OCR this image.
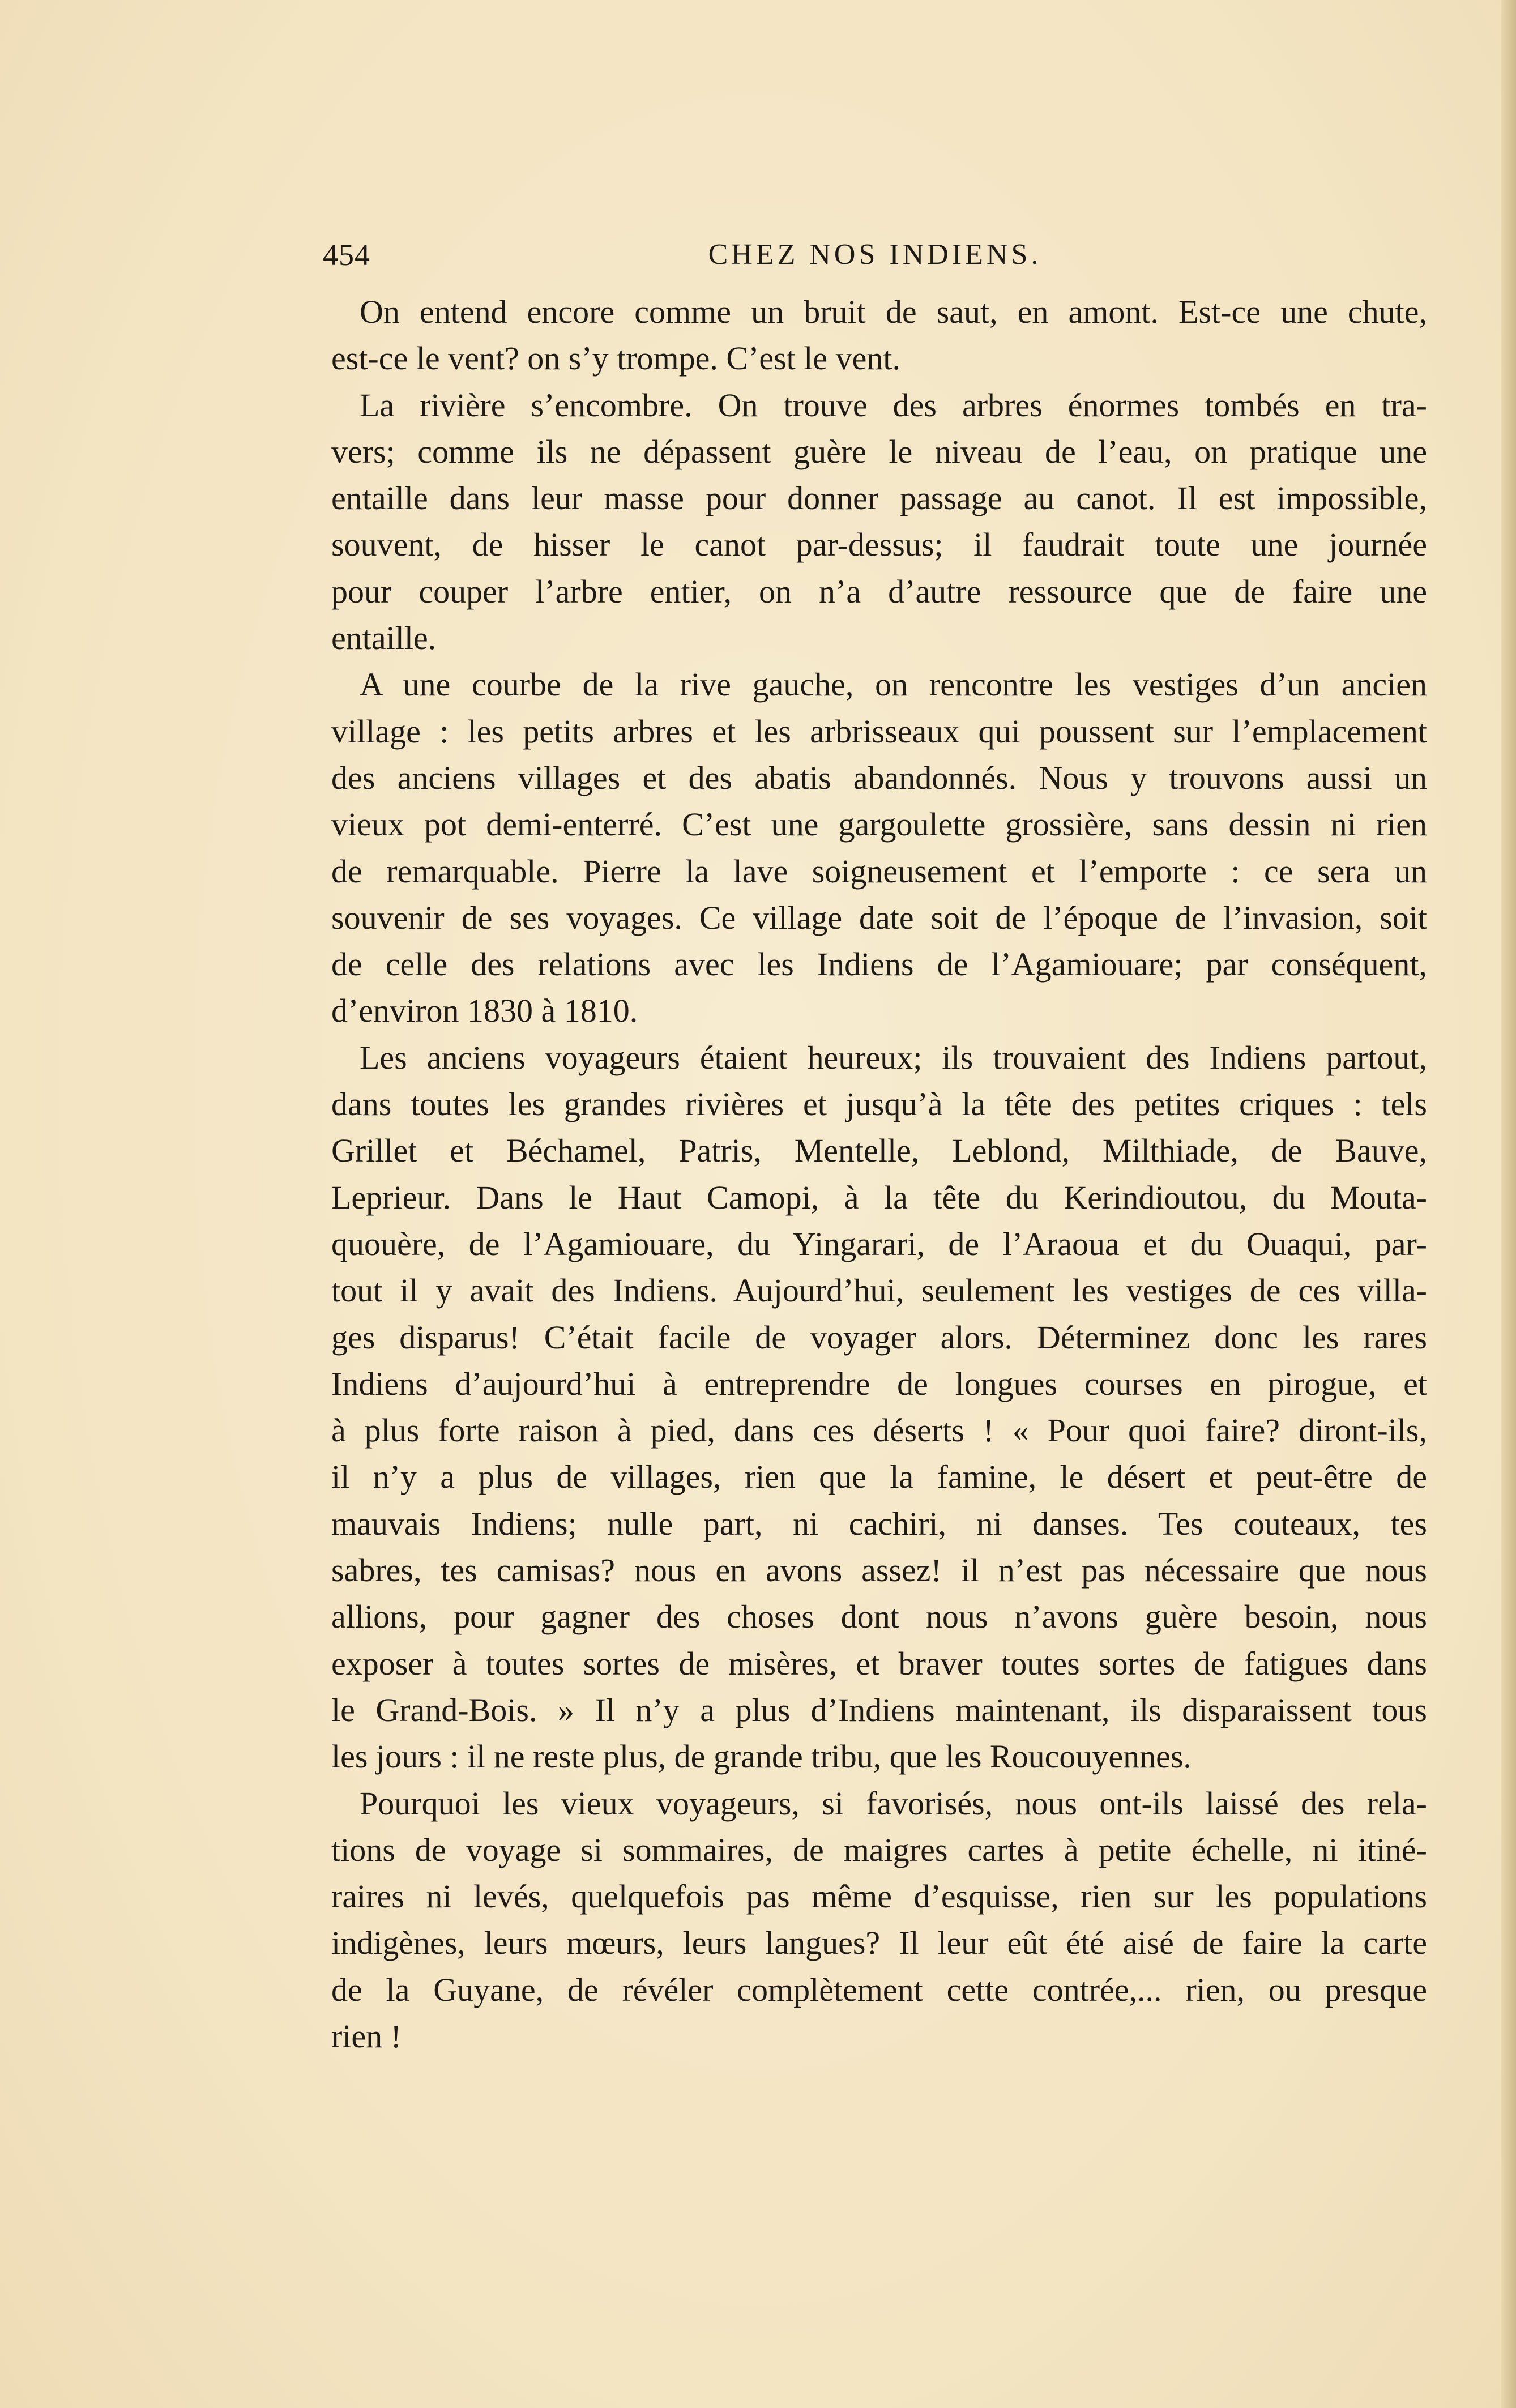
454	CHEZ NOS INDIENS.
On entend encore comme un bruit de saut, en amont. Est-ce une chute,
est-ce le vent? on s’y trompe. C’est le vent.
La rivière s’encombre. On trouve des arbres énormes tombés en tra-
vers; comme ils ne dépassent guère le niveau de l’eau, on pratique une
entaille dans leur masse pour donner passage au canot. Il est impossible,
souvent, de hisser le canot par-dessus; il faudrait toute une journée
pour couper l’arbre entier, on n’a d’autre ressource que de faire une
entaille.
A une courbe de la rive gauche, on rencontre les vestiges d’un ancien
village : les petits arbres et les arbrisseaux qui poussent sur l’emplacement
des anciens villages et des abatis abandonnés. Nous y trouvons aussi un
vieux pot demi-enterré. C’est une gargoulette grossière, sans dessin ni rien
de remarquable. Pierre la lave soigneusement et l’emporte : ce sera un
souvenir de ses voyages. Ce village date soit de l’époque de l’invasion, soit
de celle des relations avec les Indiens de l’Agamiouare; par conséquent,
d’environ 1830 à 1810.
Les anciens voyageurs étaient heureux; ils trouvaient des Indiens partout,
dans toutes les grandes rivières et jusqu’à la tête des petites criques : tels
Grillet et Béchamel, Patris, Mentelle, Leblond, Milthiade, de Bauve,
Leprieur. Dans le Haut Camopi, à la tête du Kerindioutou, du Mouta-
quouère, de l’Agamiouare, du Yingarari, de l’Araoua et du Ouaqui, par-
tout il y avait des Indiens. Aujourd’hui, seulement les vestiges de ces villa-
ges disparus! C’était facile de voyager alors. Déterminez donc les rares
Indiens d’aujourd’hui à entreprendre de longues courses en pirogue, et
à plus forte raison à pied, dans ces déserts ! « Pour quoi faire? diront-ils,
il n’y a plus de villages, rien que la famine, le désert et peut-être de
mauvais Indiens; nulle part, ni cachiri, ni danses. Tes couteaux, tes
sabres, tes camisas? nous en avons assez! il n’est pas nécessaire que nous
allions, pour gagner des choses dont nous n’avons guère besoin, nous
exposer à toutes sortes de misères, et braver toutes sortes de fatigues dans
le Grand-Bois. » Il n’y a plus d’Indiens maintenant, ils disparaissent tous
les jours : il ne reste plus, de grande tribu, que les Roucouyennes.
Pourquoi les vieux voyageurs, si favorisés, nous ont-ils laissé des rela-
tions de voyage si sommaires, de maigres cartes à petite échelle, ni itiné-
raires ni levés, quelquefois pas même d’esquisse, rien sur les populations
indigènes, leurs mœurs, leurs langues? Il leur eût été aisé de faire la carte
de la Guyane, de révéler complètement cette contrée,... rien, ou presque
rien !
